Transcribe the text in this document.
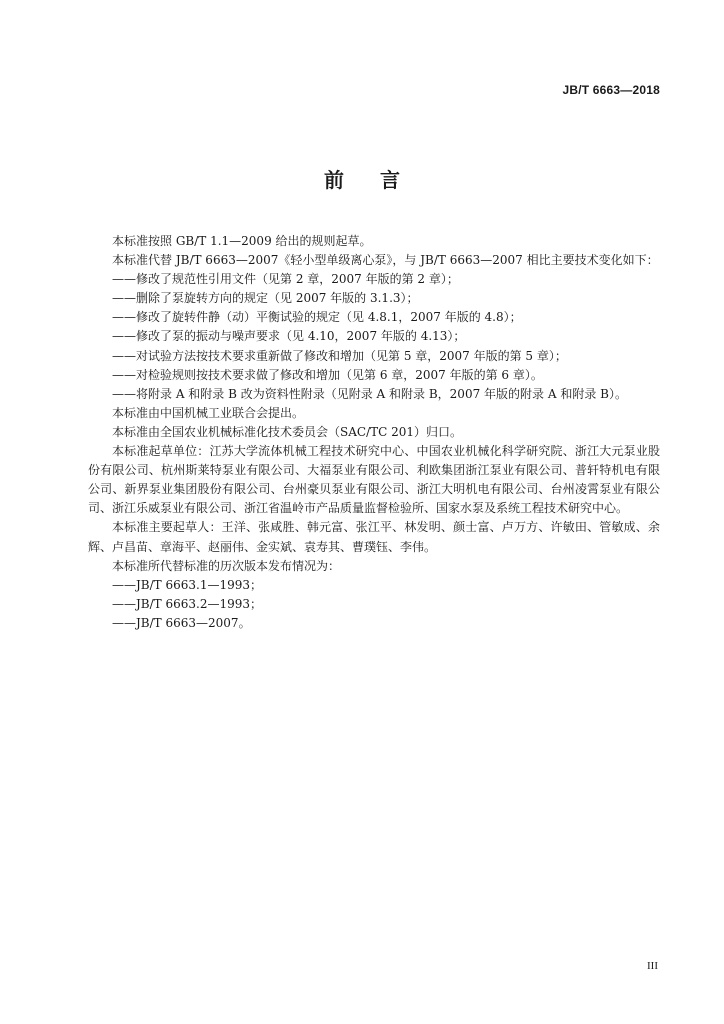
JB/T 6663—2018
前言

本标准按照 GB/T 1.1—2009 给出的规则起草。

本标准代替 JB/T 6663—2007《轻小型单级离心泵》，与 JB/T 6663—2007 相比主要技术变化如下：

——修改了规范性引用文件（见第 2 章，2007 年版的第 2 章）；

——删除了泵旋转方向的规定（见 2007 年版的 3.1.3）；

——修改了旋转件静（动）平衡试验的规定（见 4.8.1，2007 年版的 4.8）；

——修改了泵的振动与噪声要求（见 4.10，2007 年版的 4.13）；

——对试验方法按技术要求重新做了修改和增加（见第 5 章，2007 年版的第 5 章）；

——对检验规则按技术要求做了修改和增加（见第 6 章，2007 年版的第 6 章）。

——将附录 A 和附录 B 改为资料性附录（见附录 A 和附录 B，2007 年版的附录 A 和附录 B）。

本标准由中国机械工业联合会提出。

本标准由全国农业机械标准化技术委员会（SAC/TC 201）归口。

本标准起草单位：江苏大学流体机械工程技术研究中心、中国农业机械化科学研究院、浙江大元泵业股份有限公司、杭州斯莱特泵业有限公司、大福泵业有限公司、利欧集团浙江泵业有限公司、普轩特机电有限公司、新界泵业集团股份有限公司、台州豪贝泵业有限公司、浙江大明机电有限公司、台州凌霄泵业有限公司、浙江乐威泵业有限公司、浙江省温岭市产品质量监督检验所、国家水泵及系统工程技术研究中心。

本标准主要起草人：王洋、张咸胜、韩元富、张江平、林发明、颜士富、卢万方、许敏田、管敏成、余辉、卢昌苗、章海平、赵丽伟、金实斌、袁寿其、曹璞钰、李伟。

本标准所代替标准的历次版本发布情况为：

——JB/T 6663.1—1993；

——JB/T 6663.2—1993；

——JB/T 6663—2007。

III
